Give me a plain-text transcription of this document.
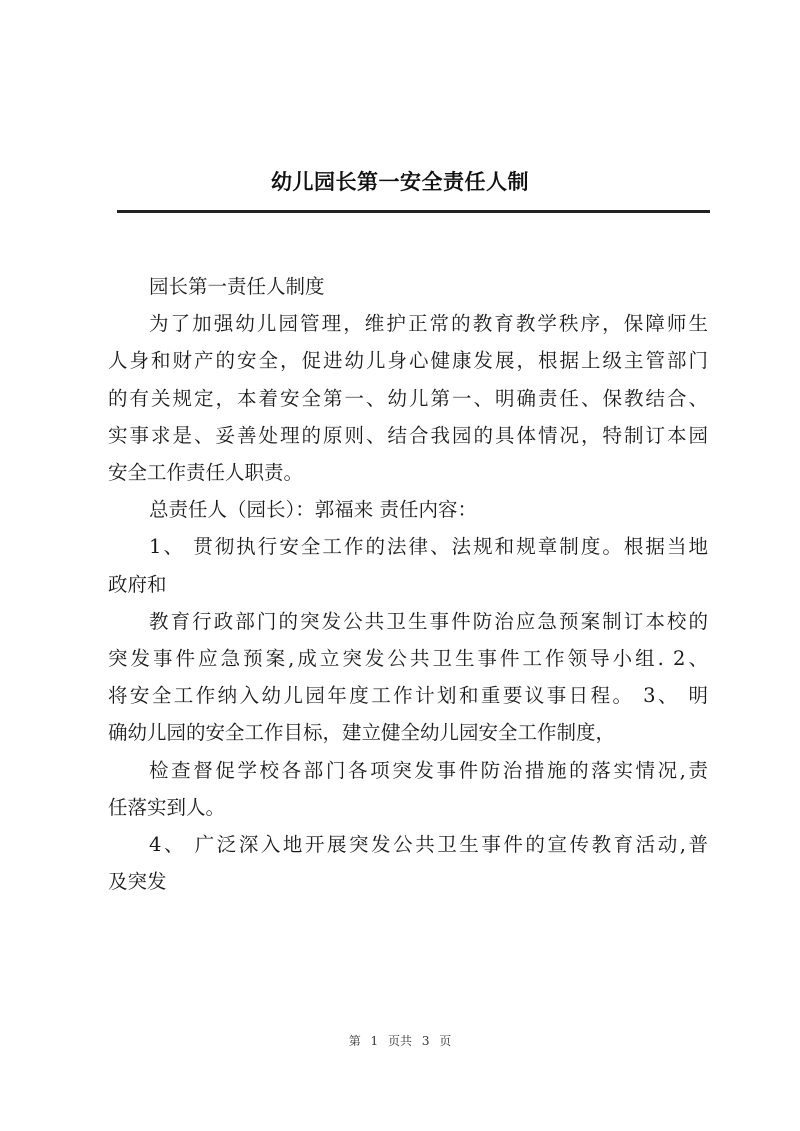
幼儿园长第一安全责任人制
园长第一责任人制度
为了加强幼儿园管理，维护正常的教育教学秩序，保障师生
人身和财产的安全，促进幼儿身心健康发展，根据上级主管部门
的有关规定，本着安全第一、幼儿第一、明确责任、保教结合、
实事求是、妥善处理的原则、结合我园的具体情况，特制订本园
安全工作责任人职责。
总责任人（园长）：郭福来 责任内容：
1、 贯彻执行安全工作的法律、法规和规章制度。根据当地
政府和
教育行政部门的突发公共卫生事件防治应急预案制订本校的
突发事件应急预案,成立突发公共卫生事件工作领导小组. 2、
将安全工作纳入幼儿园年度工作计划和重要议事日程。 3、 明
确幼儿园的安全工作目标，建立健全幼儿园安全工作制度，
检查督促学校各部门各项突发事件防治措施的落实情况,责
任落实到人。
4、 广泛深入地开展突发公共卫生事件的宣传教育活动,普
及突发
第 1 页共 3 页
